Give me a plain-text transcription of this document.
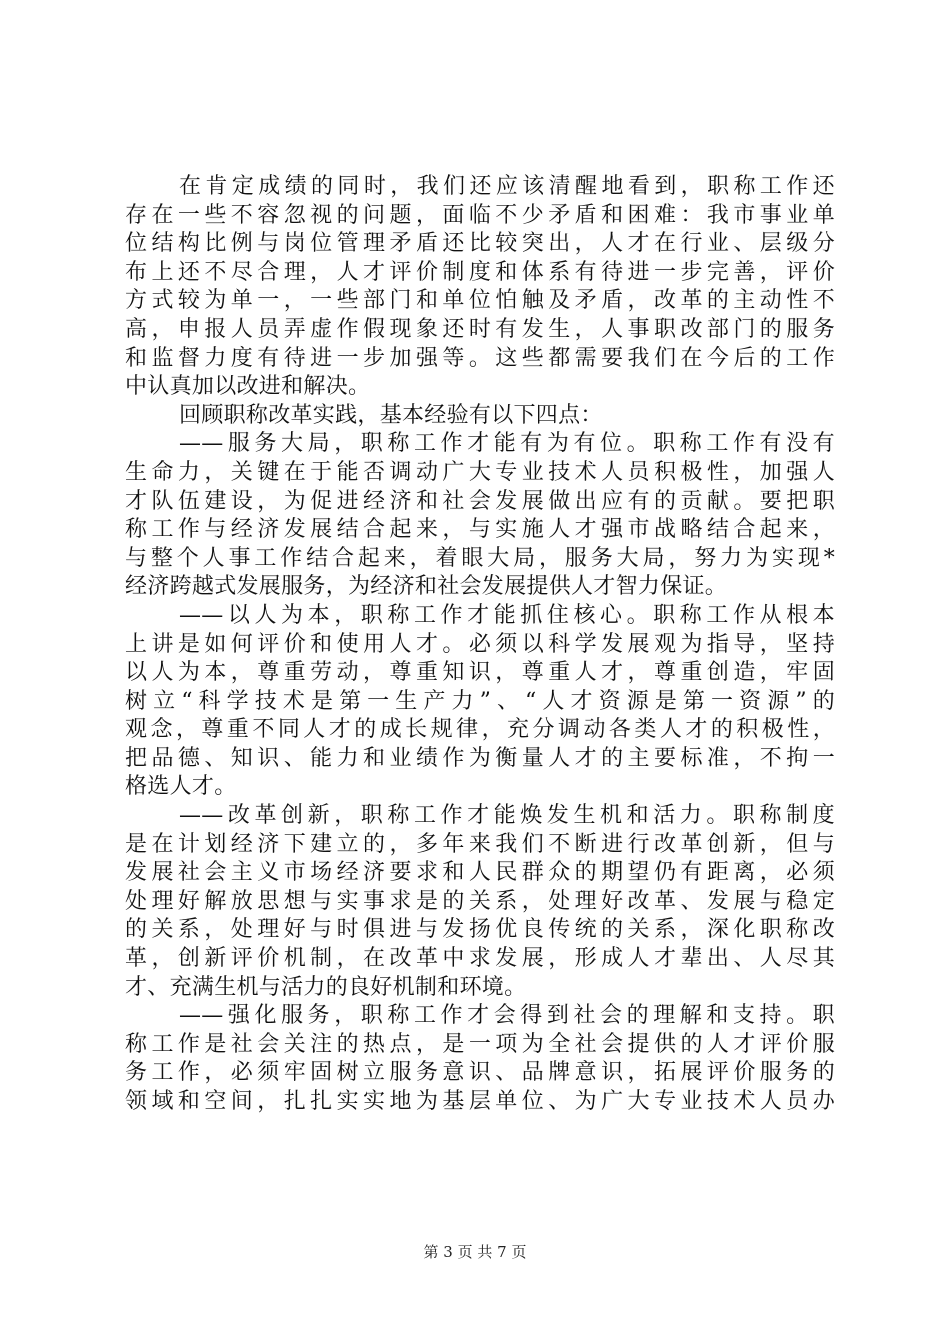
在肯定成绩的同时，我们还应该清醒地看到，职称工作还
存在一些不容忽视的问题，面临不少矛盾和困难：我市事业单
位结构比例与岗位管理矛盾还比较突出，人才在行业、层级分
布上还不尽合理，人才评价制度和体系有待进一步完善，评价
方式较为单一，一些部门和单位怕触及矛盾，改革的主动性不
高，申报人员弄虚作假现象还时有发生，人事职改部门的服务
和监督力度有待进一步加强等。这些都需要我们在今后的工作
中认真加以改进和解决。
回顾职称改革实践，基本经验有以下四点：
——服务大局，职称工作才能有为有位。职称工作有没有
生命力，关键在于能否调动广大专业技术人员积极性，加强人
才队伍建设，为促进经济和社会发展做出应有的贡献。要把职
称工作与经济发展结合起来，与实施人才强市战略结合起来，
与整个人事工作结合起来，着眼大局，服务大局，努力为实现*
经济跨越式发展服务，为经济和社会发展提供人才智力保证。
——以人为本，职称工作才能抓住核心。职称工作从根本
上讲是如何评价和使用人才。必须以科学发展观为指导，坚持
以人为本，尊重劳动，尊重知识，尊重人才，尊重创造，牢固
树立“科学技术是第一生产力”、“人才资源是第一资源”的
观念，尊重不同人才的成长规律，充分调动各类人才的积极性，
把品德、知识、能力和业绩作为衡量人才的主要标准，不拘一
格选人才。
——改革创新，职称工作才能焕发生机和活力。职称制度
是在计划经济下建立的，多年来我们不断进行改革创新，但与
发展社会主义市场经济要求和人民群众的期望仍有距离，必须
处理好解放思想与实事求是的关系，处理好改革、发展与稳定
的关系，处理好与时俱进与发扬优良传统的关系，深化职称改
革，创新评价机制，在改革中求发展，形成人才辈出、人尽其
才、充满生机与活力的良好机制和环境。
——强化服务，职称工作才会得到社会的理解和支持。职
称工作是社会关注的热点，是一项为全社会提供的人才评价服
务工作，必须牢固树立服务意识、品牌意识，拓展评价服务的
领域和空间，扎扎实实地为基层单位、为广大专业技术人员办
第 3 页 共 7 页
